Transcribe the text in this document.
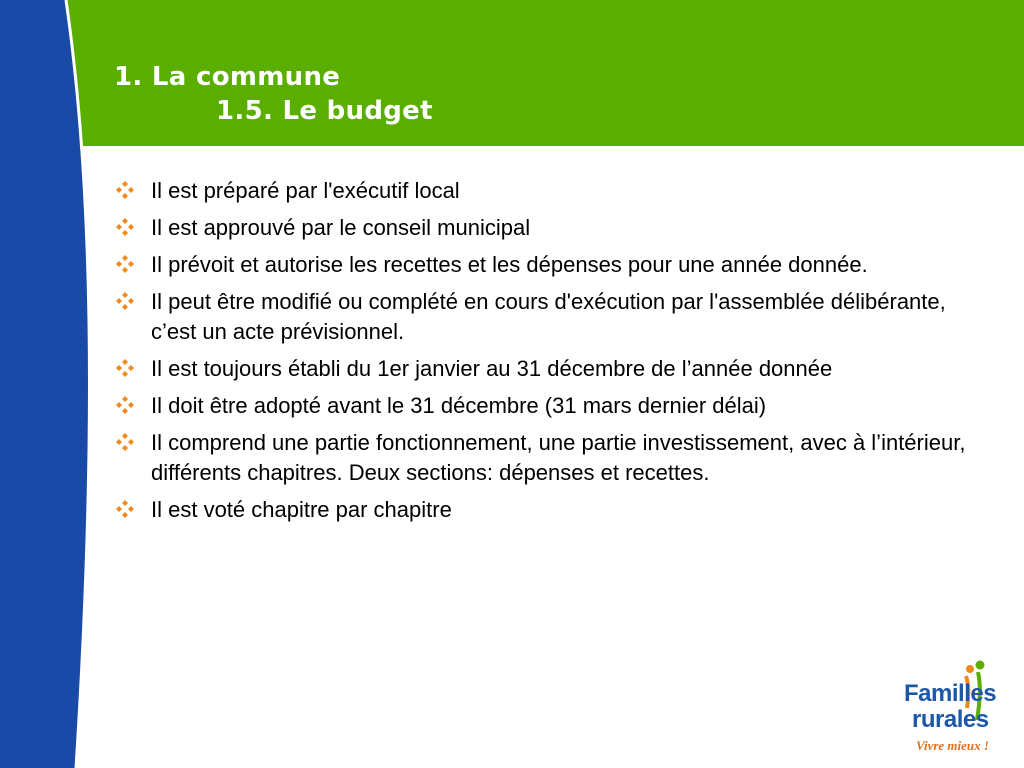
1. La commune
1.5. Le budget
Il est préparé par l'exécutif local
Il est approuvé par le conseil municipal
Il prévoit et autorise les recettes et les dépenses pour une année donnée.
Il peut être modifié ou complété en cours d'exécution par l'assemblée délibérante, c’est un acte prévisionnel.
Il est toujours établi du 1er janvier au 31 décembre de l’année donnée
Il doit être adopté avant le 31 décembre (31 mars dernier délai)
Il comprend une partie fonctionnement, une partie investissement, avec à l’intérieur, différents chapitres. Deux sections: dépenses et recettes.
Il est voté chapitre par chapitre
Familles
rurales
Vivre mieux !
